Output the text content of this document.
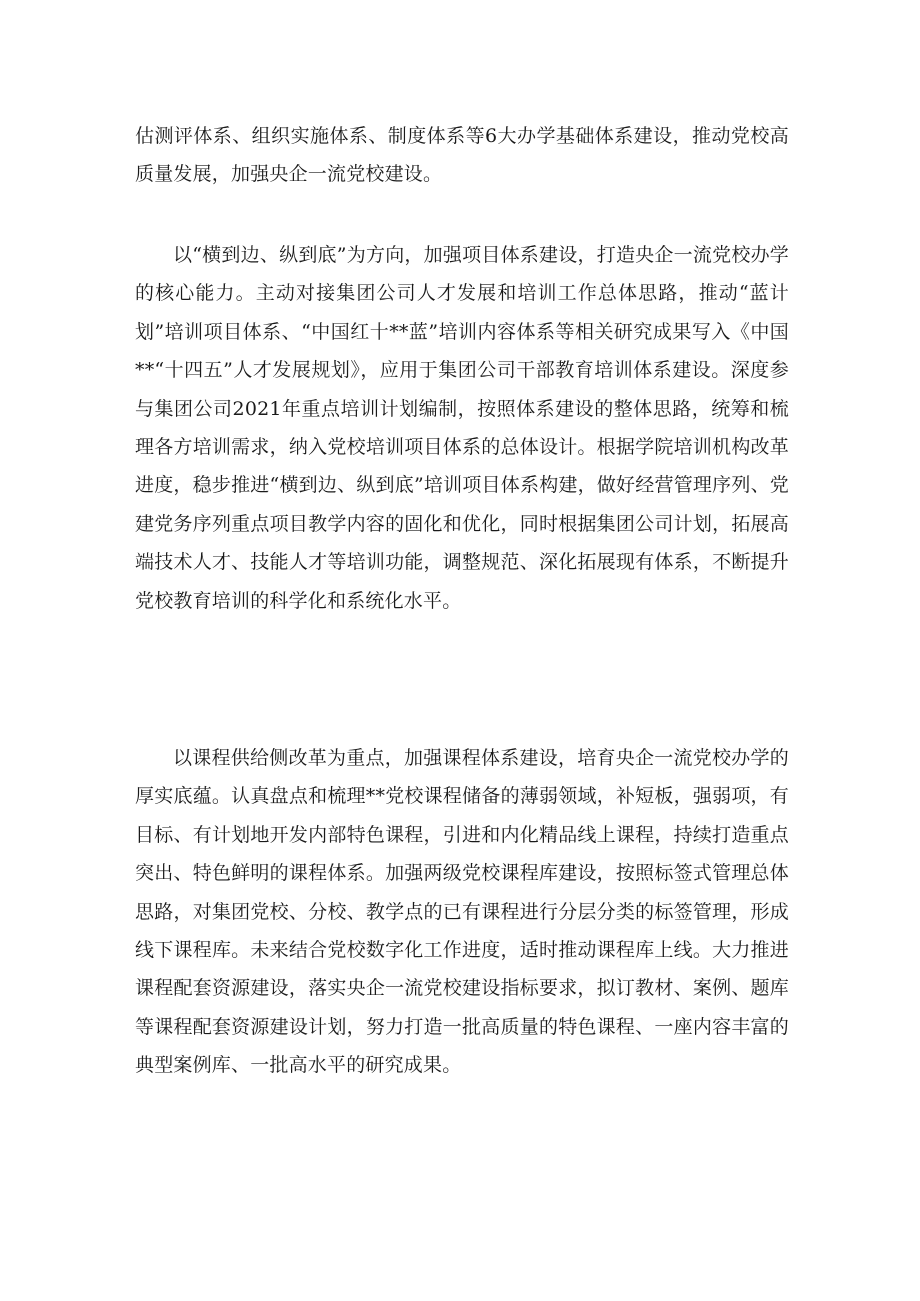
估测评体系、组织实施体系、制度体系等6大办学基础体系建设，推动党校高质量发展，加强央企一流党校建设。

以“横到边、纵到底”为方向，加强项目体系建设，打造央企一流党校办学的核心能力。主动对接集团公司人才发展和培训工作总体思路，推动“蓝计划”培训项目体系、“中国红十**蓝”培训内容体系等相关研究成果写入《中国**“十四五”人才发展规划》，应用于集团公司干部教育培训体系建设。深度参与集团公司2021年重点培训计划编制，按照体系建设的整体思路，统筹和梳理各方培训需求，纳入党校培训项目体系的总体设计。根据学院培训机构改革进度，稳步推进“横到边、纵到底”培训项目体系构建，做好经营管理序列、党建党务序列重点项目教学内容的固化和优化，同时根据集团公司计划，拓展高端技术人才、技能人才等培训功能，调整规范、深化拓展现有体系，不断提升党校教育培训的科学化和系统化水平。

以课程供给侧改革为重点，加强课程体系建设，培育央企一流党校办学的厚实底蕴。认真盘点和梳理**党校课程储备的薄弱领域，补短板，强弱项，有目标、有计划地开发内部特色课程，引进和内化精品线上课程，持续打造重点突出、特色鲜明的课程体系。加强两级党校课程库建设，按照标签式管理总体思路，对集团党校、分校、教学点的已有课程进行分层分类的标签管理，形成线下课程库。未来结合党校数字化工作进度，适时推动课程库上线。大力推进课程配套资源建设，落实央企一流党校建设指标要求，拟订教材、案例、题库等课程配套资源建设计划，努力打造一批高质量的特色课程、一座内容丰富的典型案例库、一批高水平的研究成果。
